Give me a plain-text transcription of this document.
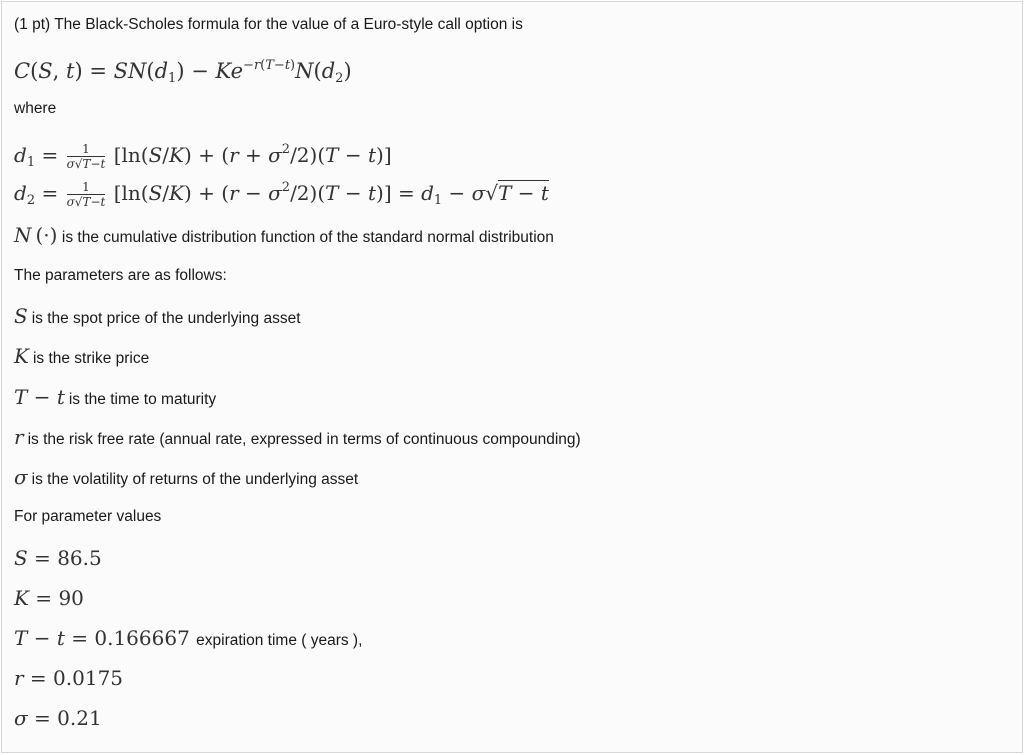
(1 pt) The Black-Scholes formula for the value of a Euro-style call option is
C(S, $t) = SN(d_1) - Ke^{-r(T-t)}N(d_2)$
where
$d_1 = \frac{1}{\sigma√T-t} [\ln(S/K) + (r + \sigma^2/2)(T - t)]$
$d_2 = \frac{1}{\sigma√T-t} [\ln(S/K) + (r - \sigma^2/2)(T - t)] = d_1 - \sigma√T - t$
N (·) is the cumulative distribution function of the standard normal distribution
The parameters are as follows:
S is the spot price of the underlying asset
K is the strike price
T − t is the time to maturity
r is the risk free rate (annual rate, expressed in terms of continuous compounding)
σ is the volatility of returns of the underlying asset
For parameter values
S = 86.5
K = 90
T − t = 0.166667 expiration time ( years ),
r = 0.0175
σ = 0.21
